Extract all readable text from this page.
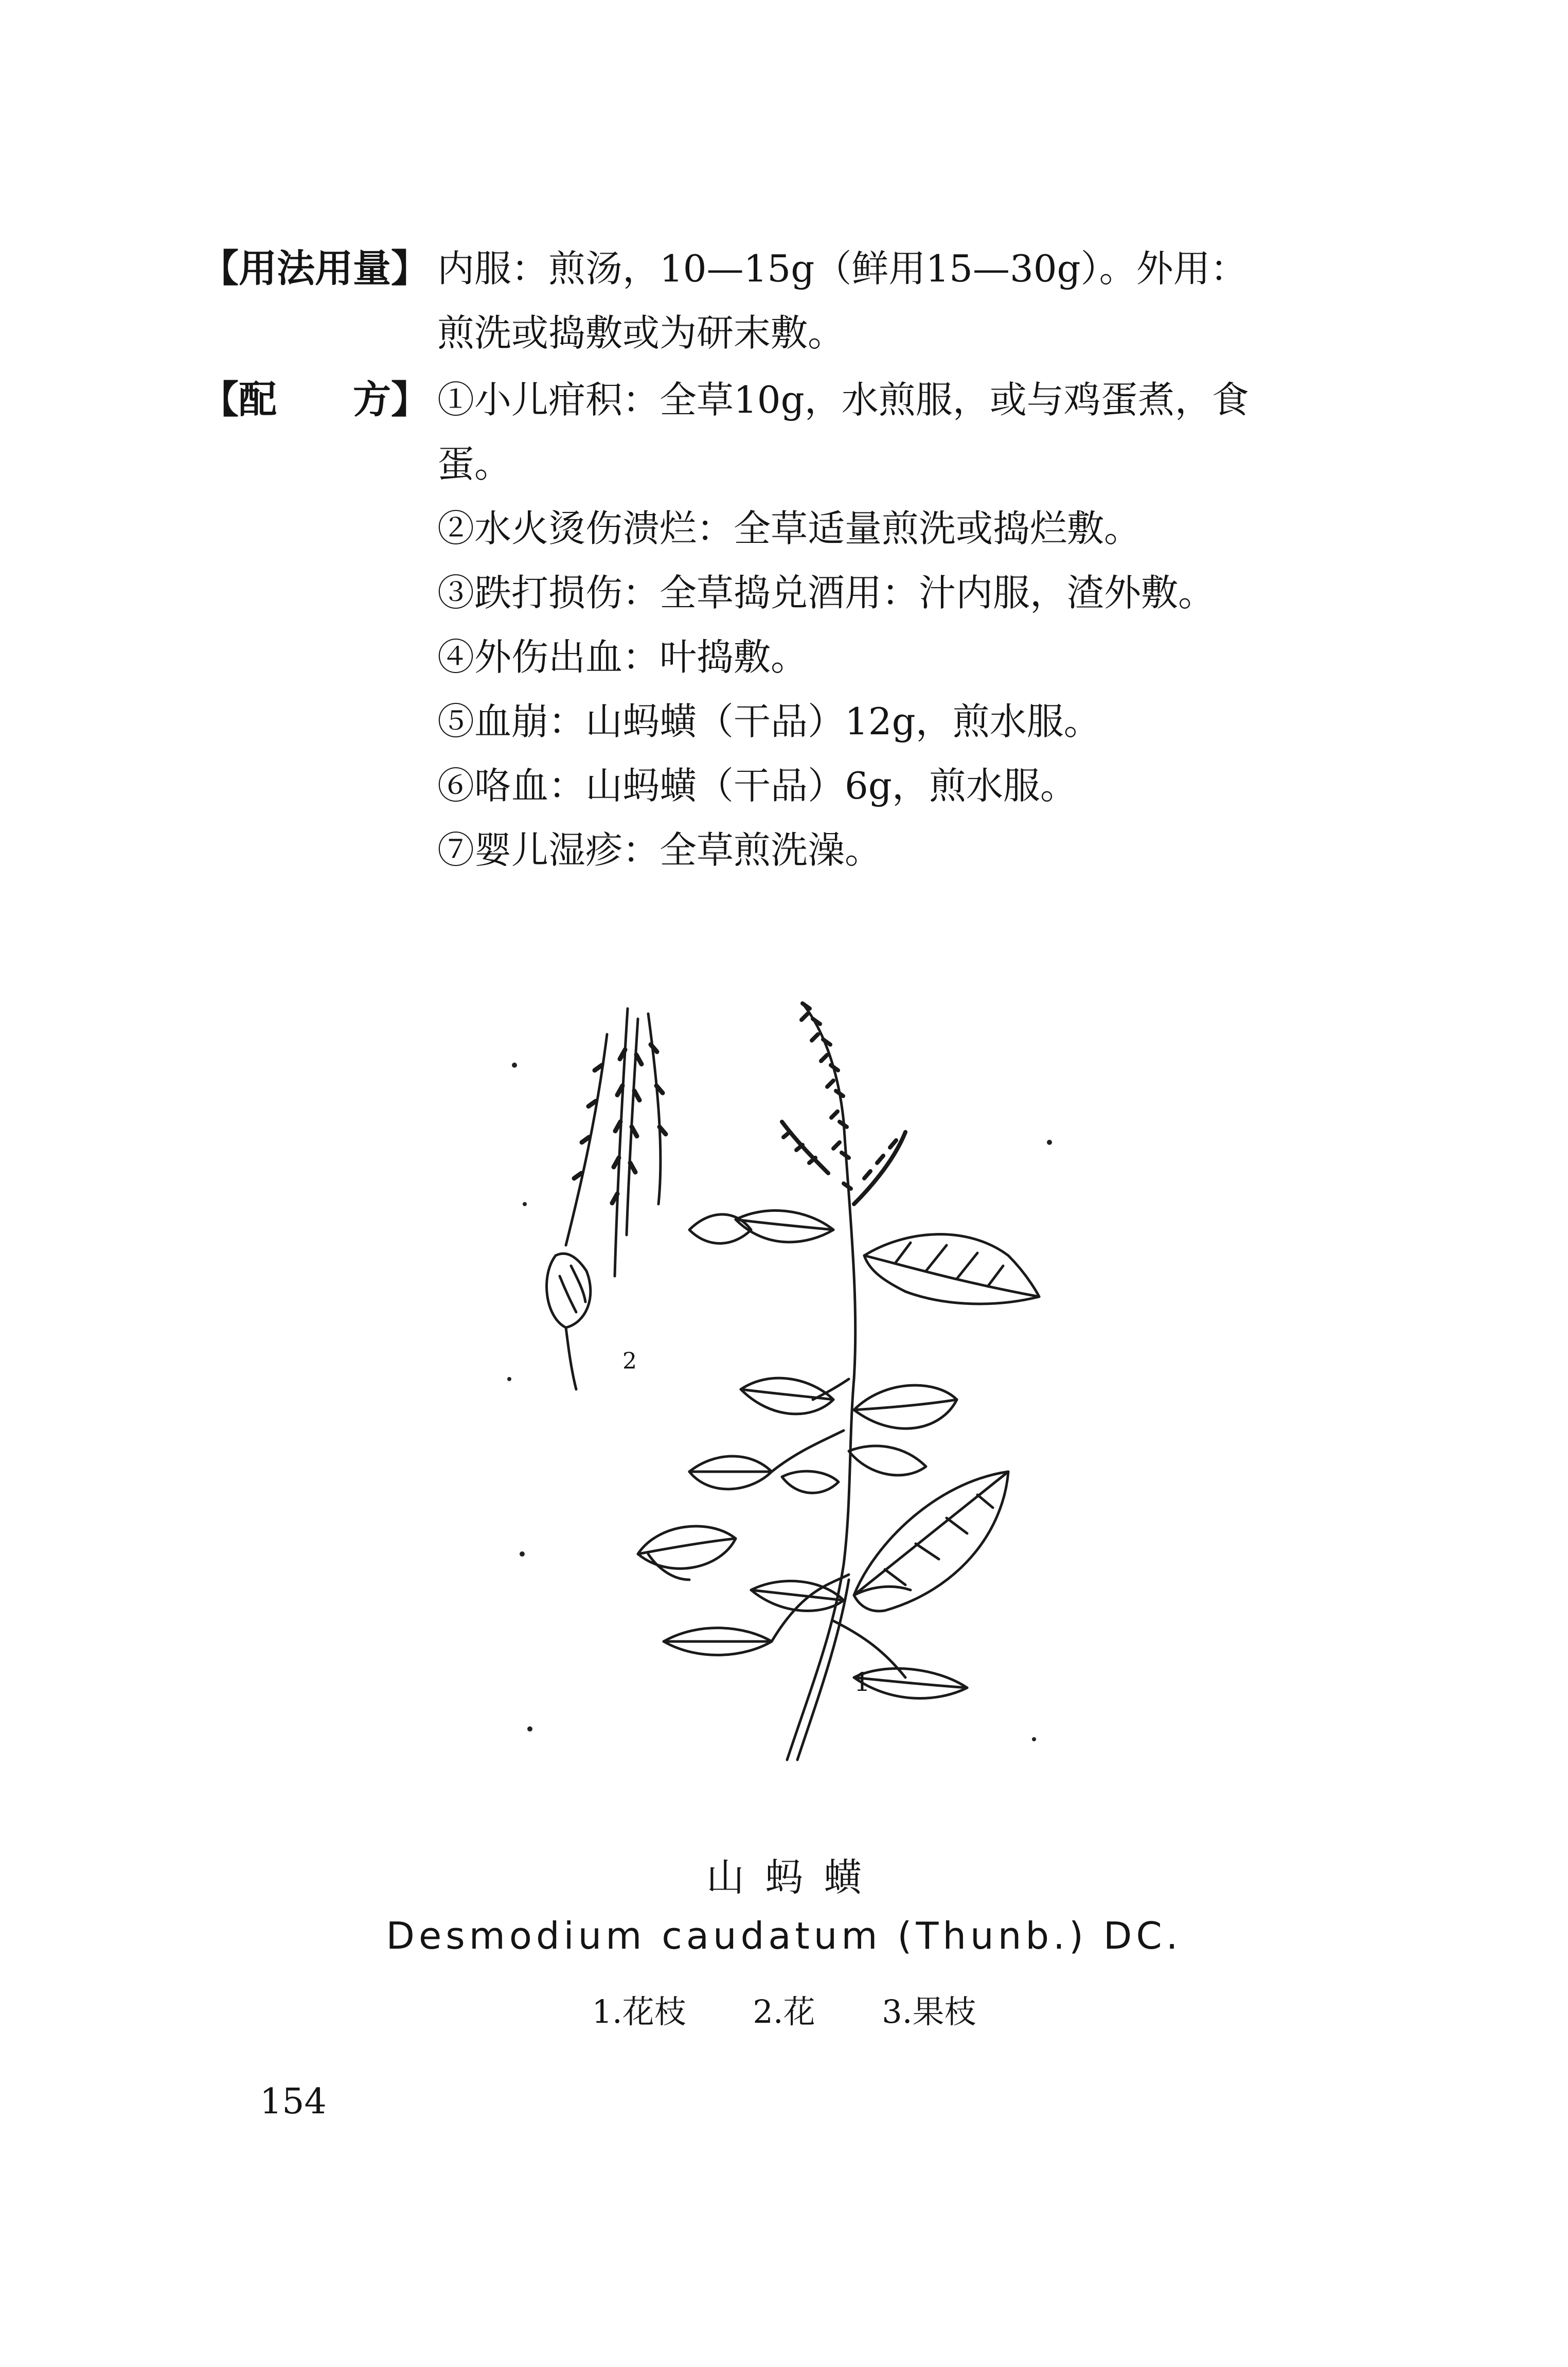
【用法用量】 内服：煎汤，10—15g（鲜用15—30g）。外用：
煎洗或捣敷或为研末敷。
【配　　方】 ①小儿疳积：全草10g，水煎服，或与鸡蛋煮，食
蛋。
②水火烫伤溃烂：全草适量煎洗或捣烂敷。
③跌打损伤：全草捣兑酒用：汁内服，渣外敷。
④外伤出血：叶捣敷。
⑤血崩：山蚂蟥（干品）12g，煎水服。
⑥咯血：山蚂蟥（干品）6g，煎水服。
⑦婴儿湿疹：全草煎洗澡。
1
2
山蚂蟥
Desmodium caudatum (Thunb.) DC.
1.花枝 2.花 3.果枝
154
